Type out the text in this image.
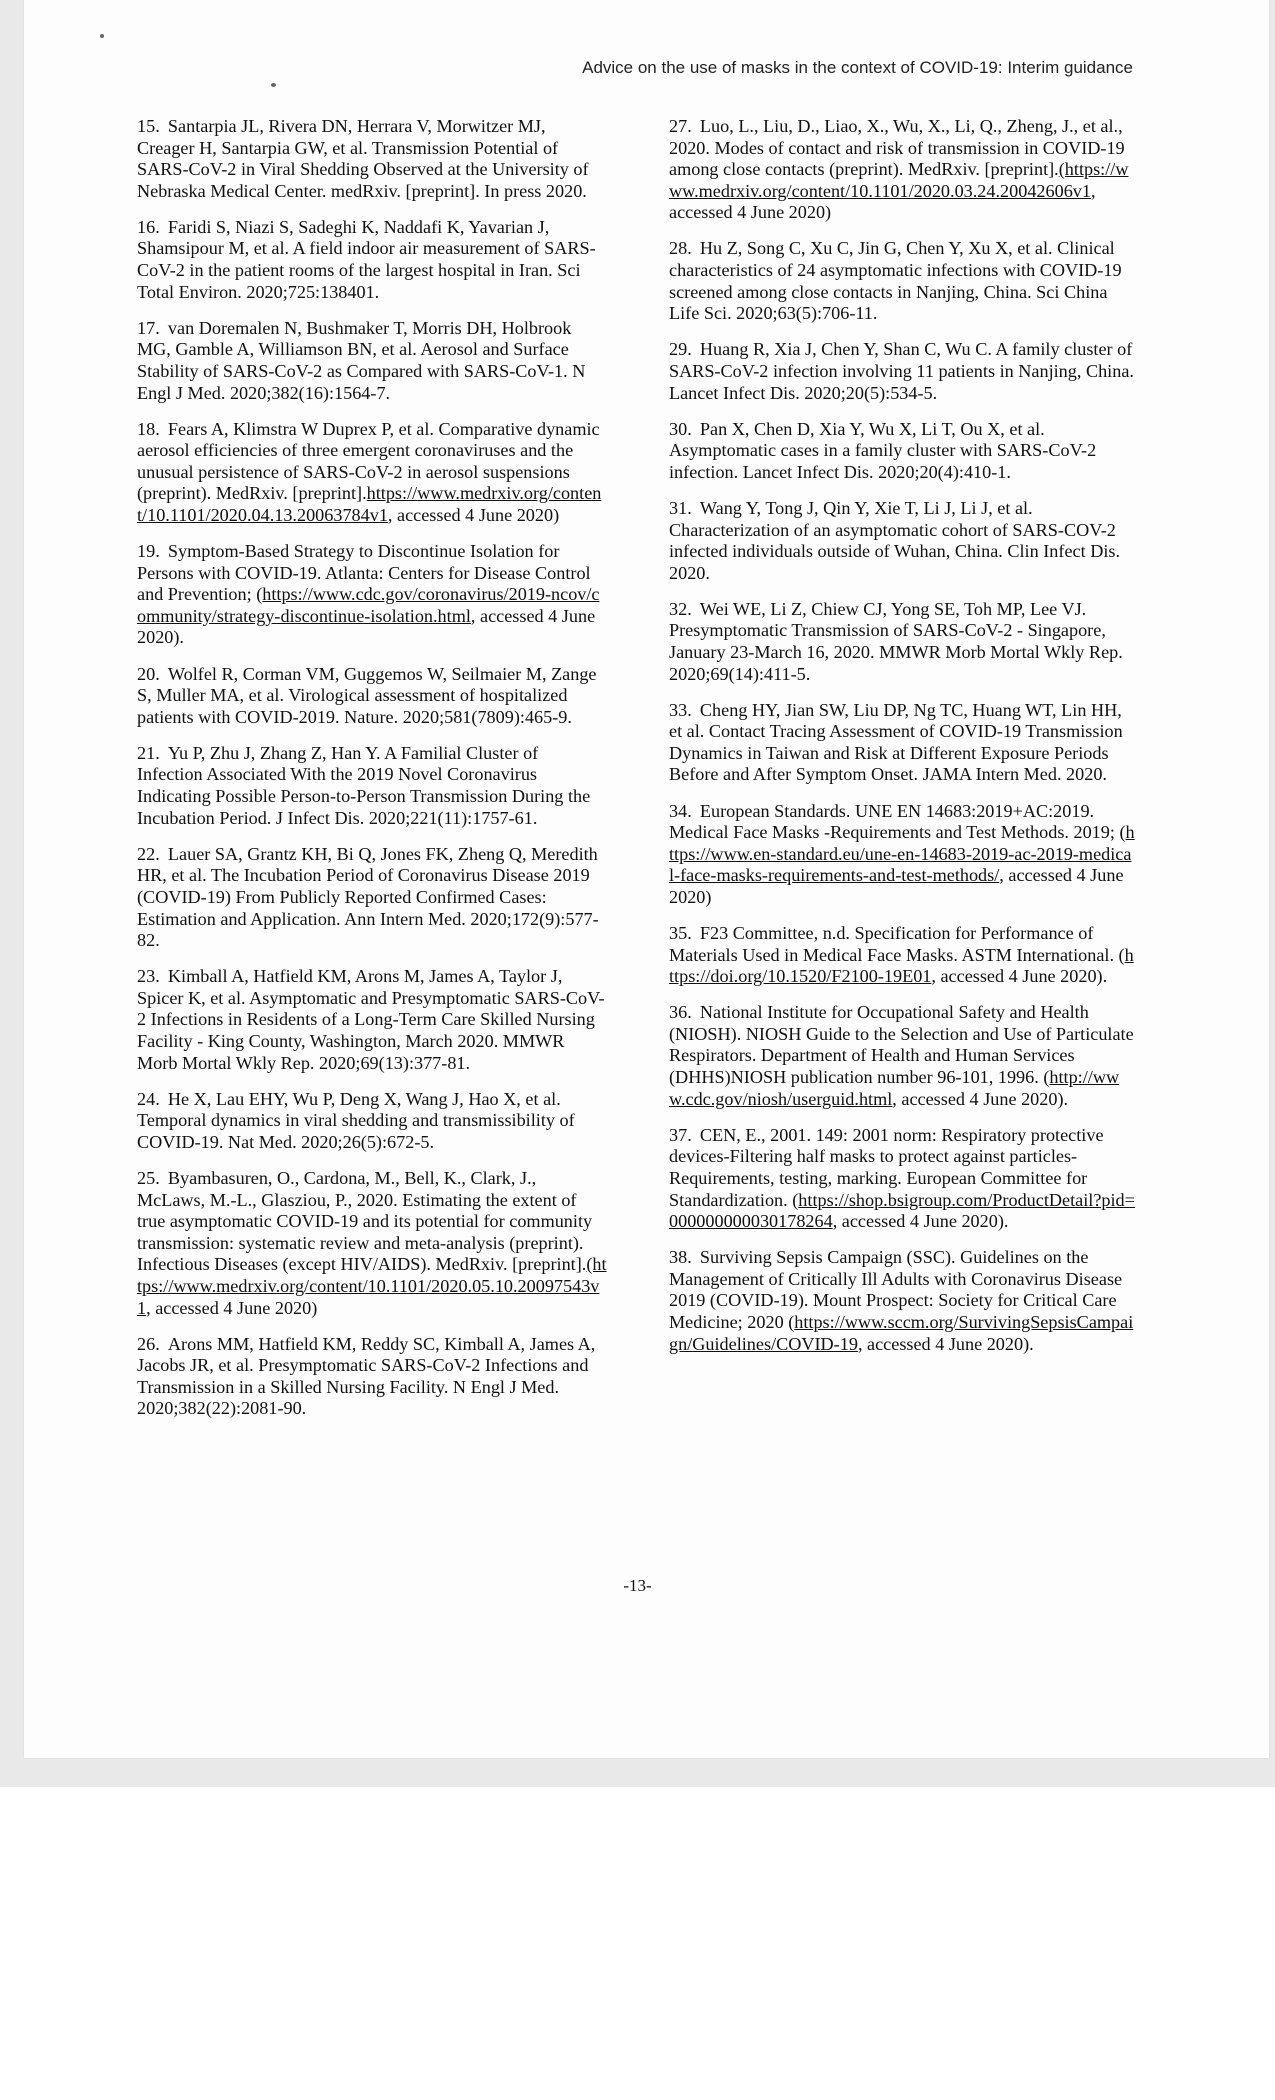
Advice on the use of masks in the context of COVID-19: Interim guidance

15. Santarpia JL, Rivera DN, Herrara V, Morwitzer MJ, Creager H, Santarpia GW, et al. Transmission Potential of SARS-CoV-2 in Viral Shedding Observed at the University of Nebraska Medical Center. medRxiv. [preprint]. In press 2020.

16. Faridi S, Niazi S, Sadeghi K, Naddafi K, Yavarian J, Shamsipour M, et al. A field indoor air measurement of SARS-CoV-2 in the patient rooms of the largest hospital in Iran. Sci Total Environ. 2020;725:138401.

17. van Doremalen N, Bushmaker T, Morris DH, Holbrook MG, Gamble A, Williamson BN, et al. Aerosol and Surface Stability of SARS-CoV-2 as Compared with SARS-CoV-1. N Engl J Med. 2020;382(16):1564-7.

18. Fears A, Klimstra W Duprex P, et al. Comparative dynamic aerosol efficiencies of three emergent coronaviruses and the unusual persistence of SARS-CoV-2 in aerosol suspensions (preprint). MedRxiv. [preprint].https://www.medrxiv.org/content/10.1101/2020.04.13.20063784v1, accessed 4 June 2020)

19. Symptom-Based Strategy to Discontinue Isolation for Persons with COVID-19. Atlanta: Centers for Disease Control and Prevention; (https://www.cdc.gov/coronavirus/2019-ncov/community/strategy-discontinue-isolation.html, accessed 4 June 2020).

20. Wolfel R, Corman VM, Guggemos W, Seilmaier M, Zange S, Muller MA, et al. Virological assessment of hospitalized patients with COVID-2019. Nature. 2020;581(7809):465-9.

21. Yu P, Zhu J, Zhang Z, Han Y. A Familial Cluster of Infection Associated With the 2019 Novel Coronavirus Indicating Possible Person-to-Person Transmission During the Incubation Period. J Infect Dis. 2020;221(11):1757-61.

22. Lauer SA, Grantz KH, Bi Q, Jones FK, Zheng Q, Meredith HR, et al. The Incubation Period of Coronavirus Disease 2019 (COVID-19) From Publicly Reported Confirmed Cases: Estimation and Application. Ann Intern Med. 2020;172(9):577-82.

23. Kimball A, Hatfield KM, Arons M, James A, Taylor J, Spicer K, et al. Asymptomatic and Presymptomatic SARS-CoV-2 Infections in Residents of a Long-Term Care Skilled Nursing Facility - King County, Washington, March 2020. MMWR Morb Mortal Wkly Rep. 2020;69(13):377-81.

24. He X, Lau EHY, Wu P, Deng X, Wang J, Hao X, et al. Temporal dynamics in viral shedding and transmissibility of COVID-19. Nat Med. 2020;26(5):672-5.

25. Byambasuren, O., Cardona, M., Bell, K., Clark, J., McLaws, M.-L., Glasziou, P., 2020. Estimating the extent of true asymptomatic COVID-19 and its potential for community transmission: systematic review and meta-analysis (preprint). Infectious Diseases (except HIV/AIDS). MedRxiv. [preprint].(https://www.medrxiv.org/content/10.1101/2020.05.10.20097543v1, accessed 4 June 2020)

26. Arons MM, Hatfield KM, Reddy SC, Kimball A, James A, Jacobs JR, et al. Presymptomatic SARS-CoV-2 Infections and Transmission in a Skilled Nursing Facility. N Engl J Med. 2020;382(22):2081-90.

27. Luo, L., Liu, D., Liao, X., Wu, X., Li, Q., Zheng, J., et al., 2020. Modes of contact and risk of transmission in COVID-19 among close contacts (preprint). MedRxiv. [preprint].(https://www.medrxiv.org/content/10.1101/2020.03.24.20042606v1, accessed 4 June 2020)

28. Hu Z, Song C, Xu C, Jin G, Chen Y, Xu X, et al. Clinical characteristics of 24 asymptomatic infections with COVID-19 screened among close contacts in Nanjing, China. Sci China Life Sci. 2020;63(5):706-11.

29. Huang R, Xia J, Chen Y, Shan C, Wu C. A family cluster of SARS-CoV-2 infection involving 11 patients in Nanjing, China. Lancet Infect Dis. 2020;20(5):534-5.

30. Pan X, Chen D, Xia Y, Wu X, Li T, Ou X, et al. Asymptomatic cases in a family cluster with SARS-CoV-2 infection. Lancet Infect Dis. 2020;20(4):410-1.

31. Wang Y, Tong J, Qin Y, Xie T, Li J, Li J, et al. Characterization of an asymptomatic cohort of SARS-COV-2 infected individuals outside of Wuhan, China. Clin Infect Dis. 2020.

32. Wei WE, Li Z, Chiew CJ, Yong SE, Toh MP, Lee VJ. Presymptomatic Transmission of SARS-CoV-2 - Singapore, January 23-March 16, 2020. MMWR Morb Mortal Wkly Rep. 2020;69(14):411-5.

33. Cheng HY, Jian SW, Liu DP, Ng TC, Huang WT, Lin HH, et al. Contact Tracing Assessment of COVID-19 Transmission Dynamics in Taiwan and Risk at Different Exposure Periods Before and After Symptom Onset. JAMA Intern Med. 2020.

34. European Standards. UNE EN 14683:2019+AC:2019. Medical Face Masks -Requirements and Test Methods. 2019; (https://www.en-standard.eu/une-en-14683-2019-ac-2019-medical-face-masks-requirements-and-test-methods/, accessed 4 June 2020)

35. F23 Committee, n.d. Specification for Performance of Materials Used in Medical Face Masks. ASTM International. (https://doi.org/10.1520/F2100-19E01, accessed 4 June 2020).

36. National Institute for Occupational Safety and Health (NIOSH). NIOSH Guide to the Selection and Use of Particulate Respirators. Department of Health and Human Services (DHHS)NIOSH publication number 96-101, 1996. (http://www.cdc.gov/niosh/userguid.html, accessed 4 June 2020).

37. CEN, E., 2001. 149: 2001 norm: Respiratory protective devices-Filtering half masks to protect against particles-Requirements, testing, marking. European Committee for Standardization. (https://shop.bsigroup.com/ProductDetail?pid=000000000030178264, accessed 4 June 2020).

38. Surviving Sepsis Campaign (SSC). Guidelines on the Management of Critically Ill Adults with Coronavirus Disease 2019 (COVID-19). Mount Prospect: Society for Critical Care Medicine; 2020 (https://www.sccm.org/SurvivingSepsisCampaign/Guidelines/COVID-19, accessed 4 June 2020).

-13-
